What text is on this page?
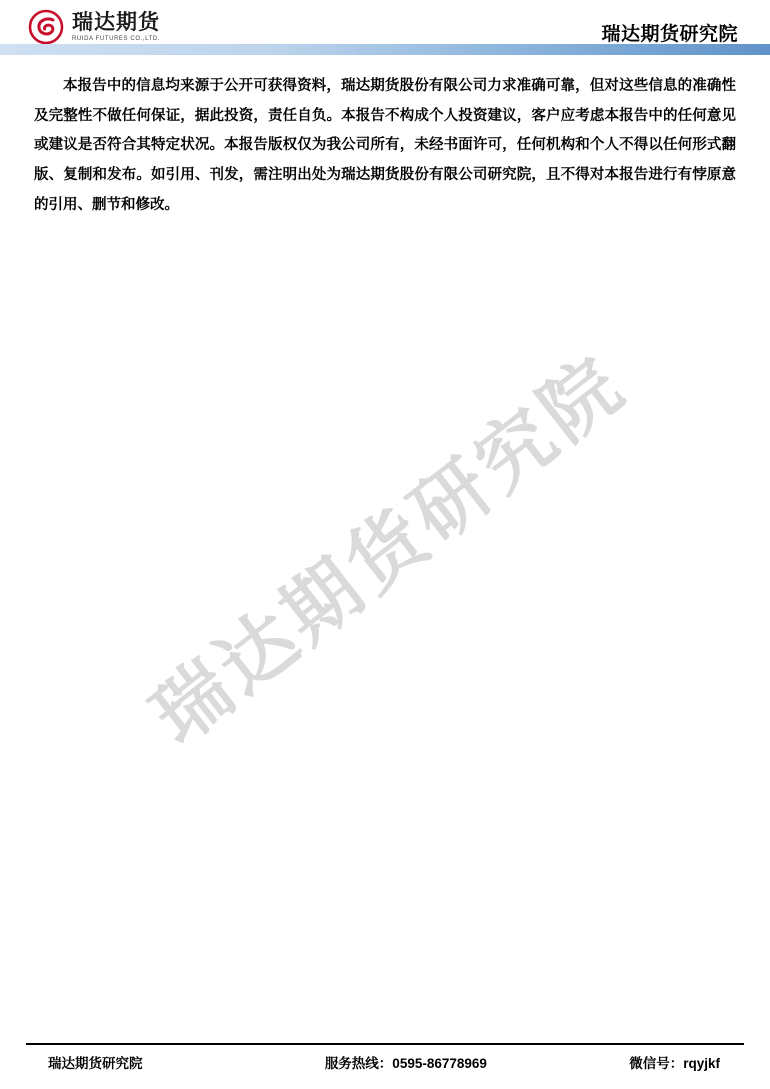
瑞达期货
RUIDA FUTURES CO.,LTD.	瑞达期货研究院
瑞达期货研究院

本报告中的信息均来源于公开可获得资料，瑞达期货股份有限公司力求准确可靠，但对这些信息的准确性及完整性不做任何保证，据此投资，责任自负。本报告不构成个人投资建议，客户应考虑本报告中的任何意见或建议是否符合其特定状况。本报告版权仅为我公司所有，未经书面许可，任何机构和个人不得以任何形式翻版、复制和发布。如引用、刊发，需注明出处为瑞达期货股份有限公司研究院，且不得对本报告进行有悖原意的引用、删节和修改。

瑞达期货研究院	服务热线：0595-86778969	微信号：rqyjkf
